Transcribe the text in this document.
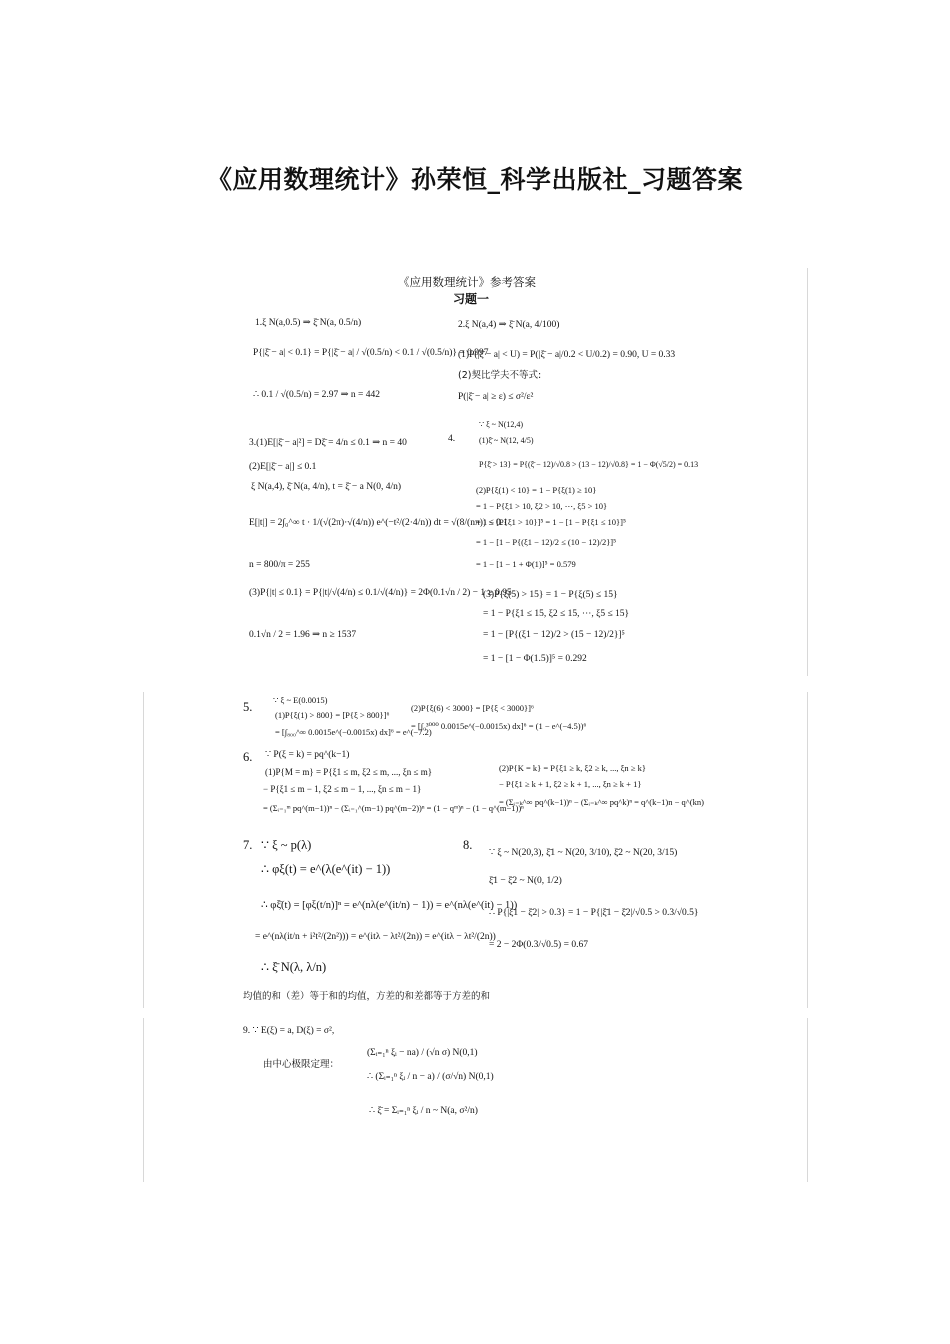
《应用数理统计》孙荣恒_科学出版社_习题答案
《应用数理统计》参考答案
习题一
1.ξ N(a,0.5) ⇒ ξ̄ N(a, 0.5/n)
P{|ξ̄ − a| < 0.1} = P{|ξ̄ − a| / √(0.5/n) < 0.1 / √(0.5/n)} = 0.997
∴ 0.1 / √(0.5/n) = 2.97 ⇒ n = 442
3.(1)E[|ξ̄ − a|²] = Dξ̄ = 4/n ≤ 0.1 ⇒ n = 40
(2)E[|ξ̄ − a|] ≤ 0.1
ξ N(a,4), ξ̄ N(a, 4/n), t = ξ̄ − a N(0, 4/n)
E[|t|] = 2∫₀^∞ t · 1/(√(2π)·√(4/n)) e^(−t²/(2·4/n)) dt = √(8/(nπ)) ≤ 0.1
n = 800/π = 255
(3)P{|t| ≤ 0.1} = P{|t|/√(4/n) ≤ 0.1/√(4/n)} = 2Φ(0.1√n / 2) − 1 ≥ 0.95
0.1√n / 2 = 1.96 ⇒ n ≥ 1537
2.ξ N(a,4) ⇒ ξ̄ N(a, 4/100)
(1)P(|ξ̄ − a| < U) = P(|ξ̄ − a|/0.2 < U/0.2) = 0.90, U = 0.33
(2)契比学夫不等式:
P(|ξ̄ − a| ≥ ε) ≤ σ²/ε²
4.
∵ ξ ~ N(12,4)
(1)ξ̄ ~ N(12, 4/5)
P{ξ̄ > 13} = P{(ξ̄ − 12)/√0.8 > (13 − 12)/√0.8} = 1 − Φ(√5/2) = 0.13
(2)P{ξ(1) < 10} = 1 − P{ξ(1) ≥ 10}
= 1 − P{ξ1 > 10, ξ2 > 10, ⋯, ξ5 > 10}
= 1 − [P{ξ1 > 10}]⁵ = 1 − [1 − P{ξ1 ≤ 10}]⁵
= 1 − [1 − P{(ξ1 − 12)/2 ≤ (10 − 12)/2}]⁵
= 1 − [1 − 1 + Φ(1)]⁵ = 0.579
(3)P{ξ(5) > 15} = 1 − P{ξ(5) ≤ 15}
= 1 − P{ξ1 ≤ 15, ξ2 ≤ 15, ⋯, ξ5 ≤ 15}
= 1 − [P{(ξ1 − 12)/2 > (15 − 12)/2}]⁵
= 1 − [1 − Φ(1.5)]⁵ = 0.292
5. ∵ ξ ~ E(0.0015)
(1)P{ξ(1) > 800} = [P{ξ > 800}]⁶
= [∫₈₀₀^∞ 0.0015e^(−0.0015x) dx]⁶ = e^(−7.2)
(2)P{ξ(6) < 3000} = [P{ξ < 3000}]⁶
= [∫₀³⁰⁰⁰ 0.0015e^(−0.0015x) dx]⁶ = (1 − e^(−4.5))⁶
6. ∵ P(ξ = k) = pq^(k−1)
(1)P{M = m} = P{ξ1 ≤ m, ξ2 ≤ m, ..., ξn ≤ m}
− P{ξ1 ≤ m − 1, ξ2 ≤ m − 1, ..., ξn ≤ m − 1}
= (Σᵢ₌₁ᵐ pq^(m−1))ⁿ − (Σᵢ₌₁^(m−1) pq^(m−2))ⁿ = (1 − qᵐ)ⁿ − (1 − q^(m−1))ⁿ
(2)P{K = k} = P{ξ1 ≥ k, ξ2 ≥ k, ..., ξn ≥ k}
− P{ξ1 ≥ k + 1, ξ2 ≥ k + 1, ..., ξn ≥ k + 1}
= (Σᵢ₌ₖ^∞ pq^(k−1))ⁿ − (Σᵢ₌ₖ^∞ pq^k)ⁿ = q^(k−1)n − q^(kn)
7. ∵ ξ ~ p(λ)
∴ φξ(t) = e^(λ(e^(it) − 1))
∴ φξ̄(t) = [φξ(t/n)]ⁿ = e^(nλ(e^(it/n) − 1)) = e^(nλ(e^(it) − 1))
= e^(nλ(it/n + i²t²/(2n²))) = e^(itλ − λt²/(2n)) = e^(itλ − λt²/(2n))
∴ ξ̄ N(λ, λ/n)
8.
∵ ξ ~ N(20,3), ξ̄1 ~ N(20, 3/10), ξ̄2 ~ N(20, 3/15)
ξ̄1 − ξ̄2 ~ N(0, 1/2)
∴ P{|ξ̄1 − ξ̄2| > 0.3} = 1 − P{|ξ̄1 − ξ̄2|/√0.5 > 0.3/√0.5}
= 2 − 2Φ(0.3/√0.5) = 0.67
均值的和（差）等于和的均值，方差的和差都等于方差的和
9. ∵ E(ξ) = a, D(ξ) = σ²,
由中心极限定理：
(Σᵢ₌₁ⁿ ξᵢ − na) / (√n σ) N(0,1)
∴ (Σᵢ₌₁ⁿ ξᵢ / n − a) / (σ/√n) N(0,1)
∴ ξ̄ = Σᵢ₌₁ⁿ ξᵢ / n ~ N(a, σ²/n)
